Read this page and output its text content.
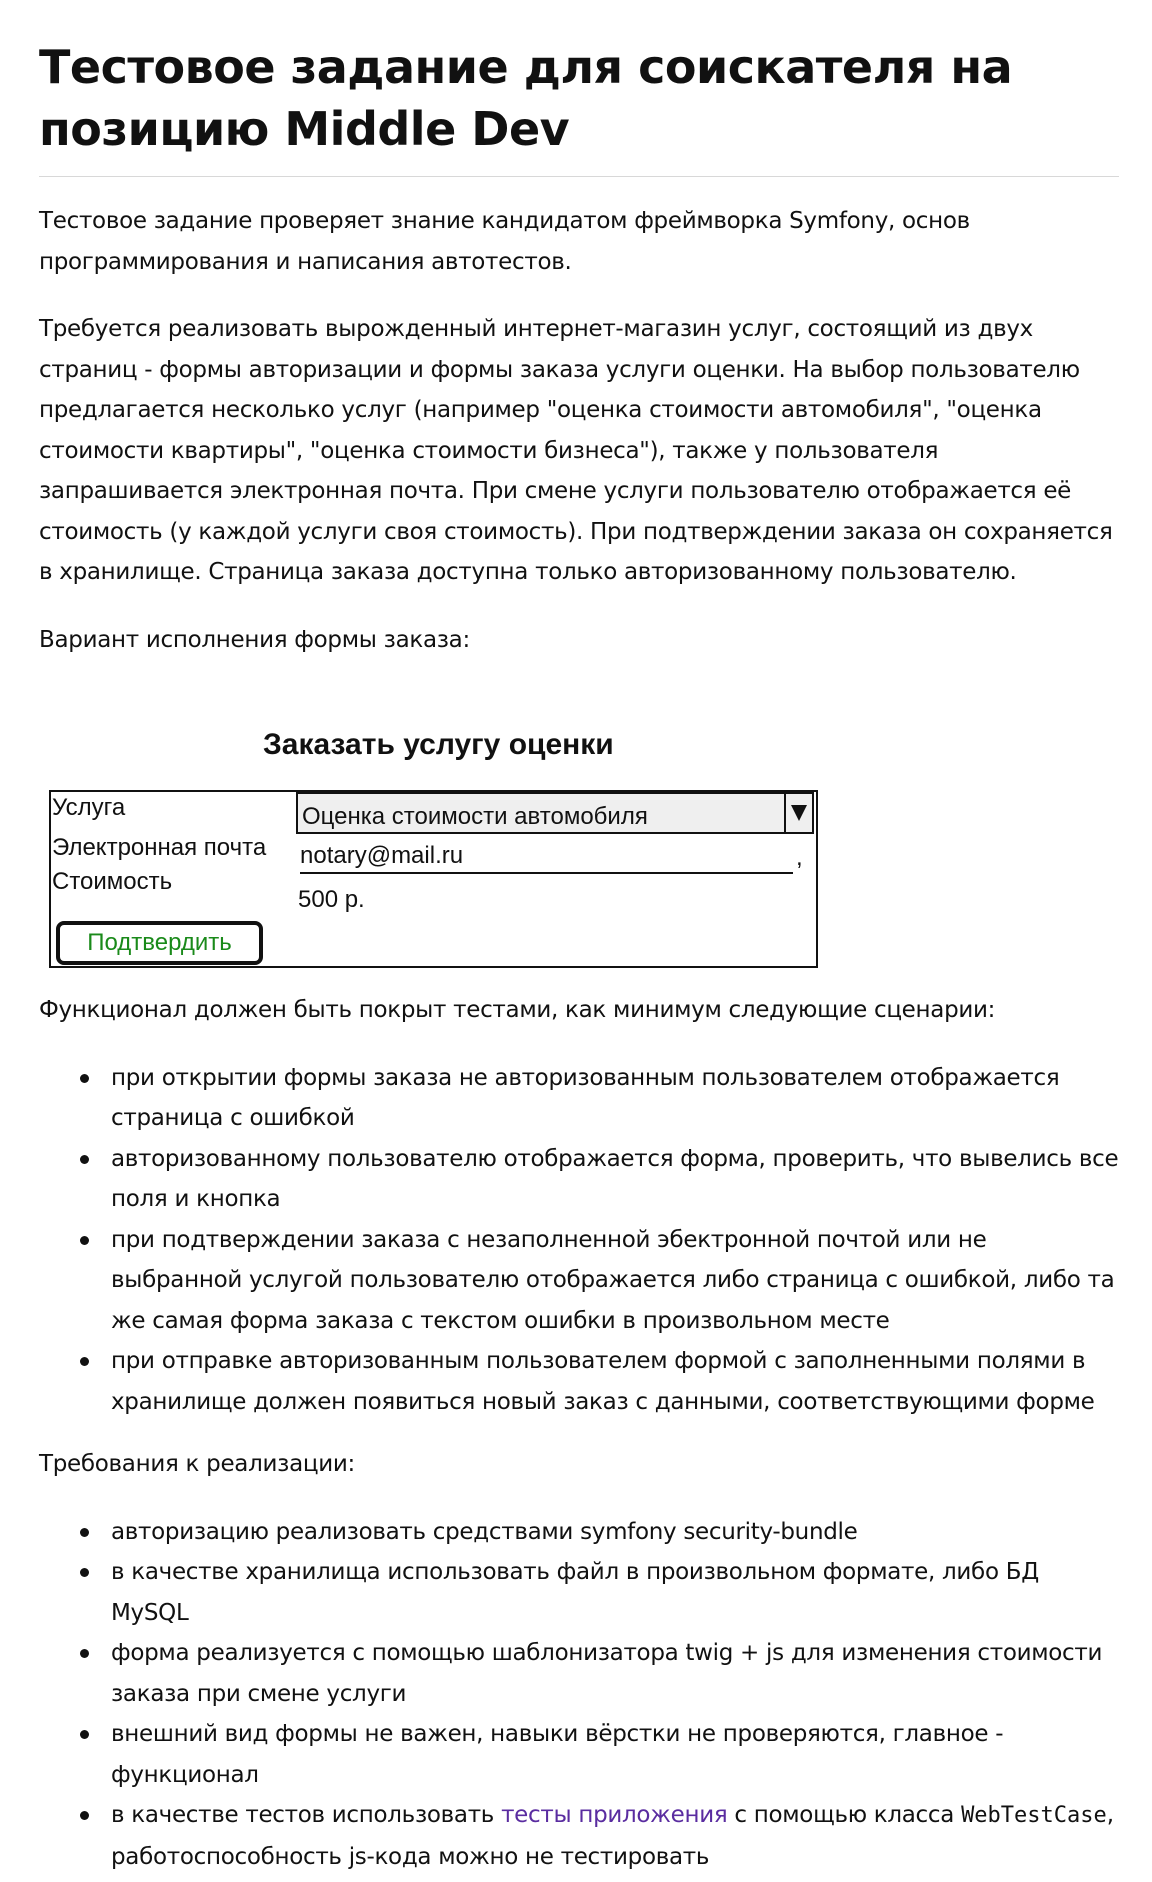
Тестовое задание для соискателя на позицию Middle Dev

Тестовое задание проверяет знание кандидатом фреймворка Symfony, основ программирования и написания автотестов.

Требуется реализовать вырожденный интернет-магазин услуг, состоящий из двух страниц - формы авторизации и формы заказа услуги оценки. На выбор пользователю предлагается несколько услуг (например "оценка стоимости автомобиля", "оценка стоимости квартиры", "оценка стоимости бизнеса"), также у пользователя запрашивается электронная почта. При смене услуги пользователю отображается её стоимость (у каждой услуги своя стоимость). При подтверждении заказа он сохраняется в хранилище. Страница заказа доступна только авторизованному пользователю.

Вариант исполнения формы заказа:

Заказать услугу оценки
Услуга	Оценка стоимости автомобиля
Электронная почта notary@mail.ru	,
Стоимость
500 р.
Подтвердить

Функционал должен быть покрыт тестами, как минимум следующие сценарии:

при открытии формы заказа не авторизованным пользователем отображается страница с ошибкой
авторизованному пользователю отображается форма, проверить, что вывелись все поля и кнопка
при подтверждении заказа с незаполненной эбектронной почтой или не выбранной услугой пользователю отображается либо страница с ошибкой, либо та же самая форма заказа с текстом ошибки в произвольном месте
при отправке авторизованным пользователем формой с заполненными полями в хранилище должен появиться новый заказ с данными, соответствующими форме

Требования к реализации:

авторизацию реализовать средствами symfony security-bundle
в качестве хранилища использовать файл в произвольном формате, либо БД MySQL
форма реализуется с помощью шаблонизатора twig + js для изменения стоимости заказа при смене услуги
внешний вид формы не важен, навыки вёрстки не проверяются, главное - функционал
в качестве тестов использовать тесты приложения с помощью класса WebTestCase, работоспособность js-кода можно не тестировать
